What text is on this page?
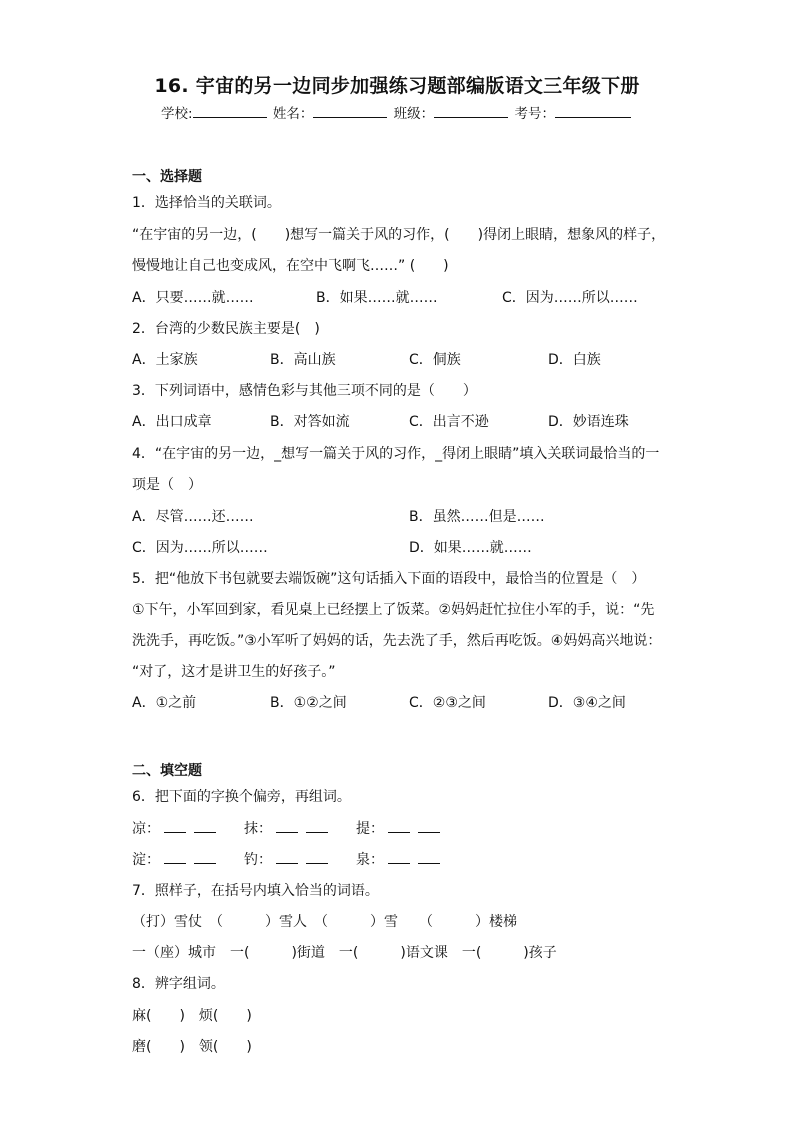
16. 宇宙的另一边同步加强练习题部编版语文三年级下册
学校:	姓名：	班级：	考号：
一、选择题
1．选择恰当的关联词。
“在宇宙的另一边，(　　)想写一篇关于风的习作，(　　)得闭上眼睛，想象风的样子，
慢慢地让自己也变成风，在空中飞啊飞……” (　　)
A．只要……就……	B．如果……就……	C．因为……所以……
2．台湾的少数民族主要是(　)
A．土家族	B．高山族	C．侗族	D．白族
3．下列词语中，感情色彩与其他三项不同的是（　　）
A．出口成章	B．对答如流	C．出言不逊	D．妙语连珠
4．“在宇宙的另一边，_想写一篇关于风的习作，_得闭上眼睛”填入关联词最恰当的一
项是（　）
A．尽管……还……	B．虽然……但是……
C．因为……所以……	D．如果……就……
5．把“他放下书包就要去端饭碗”这句话插入下面的语段中，最恰当的位置是（　）
①下午，小军回到家，看见桌上已经摆上了饭菜。②妈妈赶忙拉住小军的手，说：“先
洗洗手，再吃饭。”③小军听了妈妈的话，先去洗了手，然后再吃饭。④妈妈高兴地说：
“对了，这才是讲卫生的好孩子。”
A．①之前	B．①②之间	C．②③之间	D．③④之间
二、填空题
6．把下面的字换个偏旁，再组词。
凉：	抹：	提：
淀：	钓：	泉：
7．照样子，在括号内填入恰当的词语。
（打）雪仗　（　　　）雪人　（　　　）雪　　（　　　）楼梯
一（座）城市　一(　　　)街道　一(　　　)语文课　一(　　　)孩子
8．辨字组词。
麻(　　)　烦(　　)
磨(　　)　领(　　)
